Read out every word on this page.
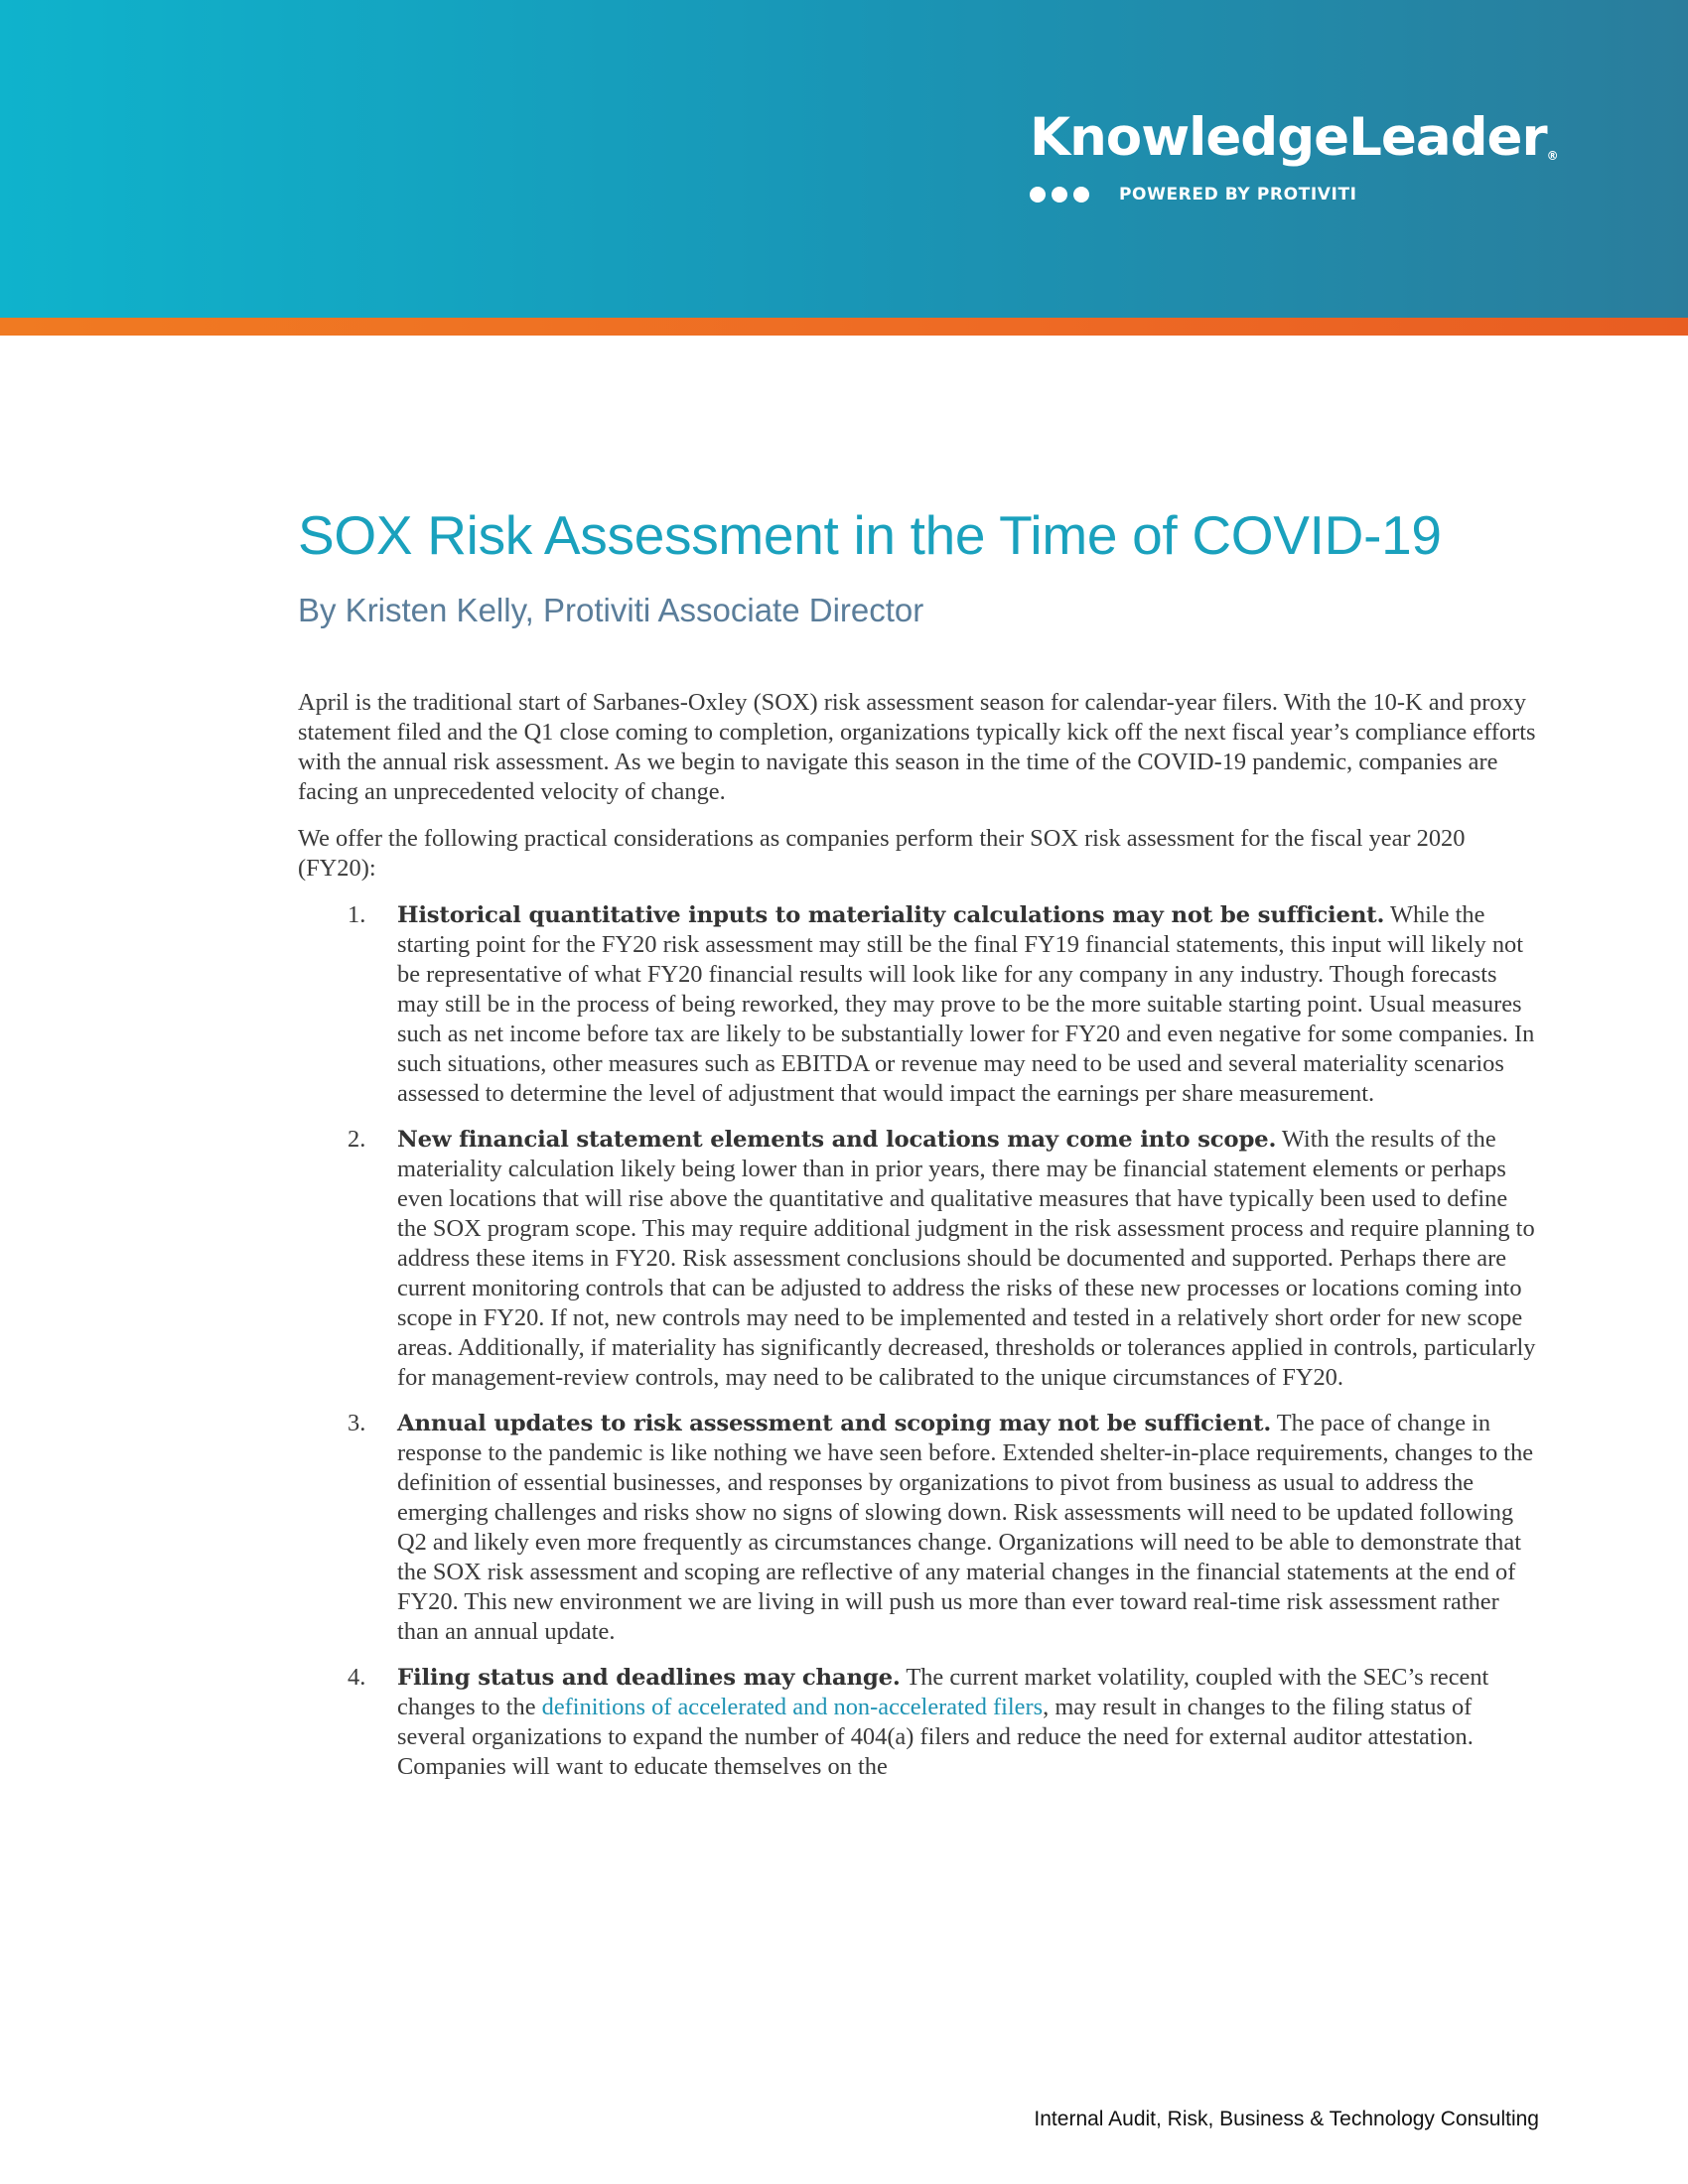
KnowledgeLeader®
POWERED BY PROTIVITI
SOX Risk Assessment in the Time of COVID-19
By Kristen Kelly, Protiviti Associate Director

April is the traditional start of Sarbanes-Oxley (SOX) risk assessment season for calendar-year filers. With the 10-K and proxy statement filed and the Q1 close coming to completion, organizations typically kick off the next fiscal year’s compliance efforts with the annual risk assessment. As we begin to navigate this season in the time of the COVID-19 pandemic, companies are facing an unprecedented velocity of change.

We offer the following practical considerations as companies perform their SOX risk assessment for the fiscal year 2020 (FY20):

1. Historical quantitative inputs to materiality calculations may not be sufficient. While the starting point for the FY20 risk assessment may still be the final FY19 financial statements, this input will likely not be representative of what FY20 financial results will look like for any company in any industry. Though forecasts may still be in the process of being reworked, they may prove to be the more suitable starting point. Usual measures such as net income before tax are likely to be substantially lower for FY20 and even negative for some companies. In such situations, other measures such as EBITDA or revenue may need to be used and several materiality scenarios assessed to determine the level of adjustment that would impact the earnings per share measurement.
2. New financial statement elements and locations may come into scope. With the results of the materiality calculation likely being lower than in prior years, there may be financial statement elements or perhaps even locations that will rise above the quantitative and qualitative measures that have typically been used to define the SOX program scope. This may require additional judgment in the risk assessment process and require planning to address these items in FY20. Risk assessment conclusions should be documented and supported. Perhaps there are current monitoring controls that can be adjusted to address the risks of these new processes or locations coming into scope in FY20. If not, new controls may need to be implemented and tested in a relatively short order for new scope areas. Additionally, if materiality has significantly decreased, thresholds or tolerances applied in controls, particularly for management-review controls, may need to be calibrated to the unique circumstances of FY20.
3. Annual updates to risk assessment and scoping may not be sufficient. The pace of change in response to the pandemic is like nothing we have seen before. Extended shelter-in-place requirements, changes to the definition of essential businesses, and responses by organizations to pivot from business as usual to address the emerging challenges and risks show no signs of slowing down. Risk assessments will need to be updated following Q2 and likely even more frequently as circumstances change. Organizations will need to be able to demonstrate that the SOX risk assessment and scoping are reflective of any material changes in the financial statements at the end of FY20. This new environment we are living in will push us more than ever toward real-time risk assessment rather than an annual update.
4. Filing status and deadlines may change. The current market volatility, coupled with the SEC’s recent changes to the definitions of accelerated and non-accelerated filers, may result in changes to the filing status of several organizations to expand the number of 404(a) filers and reduce the need for external auditor attestation. Companies will want to educate themselves on the
Internal Audit, Risk, Business & Technology Consulting
